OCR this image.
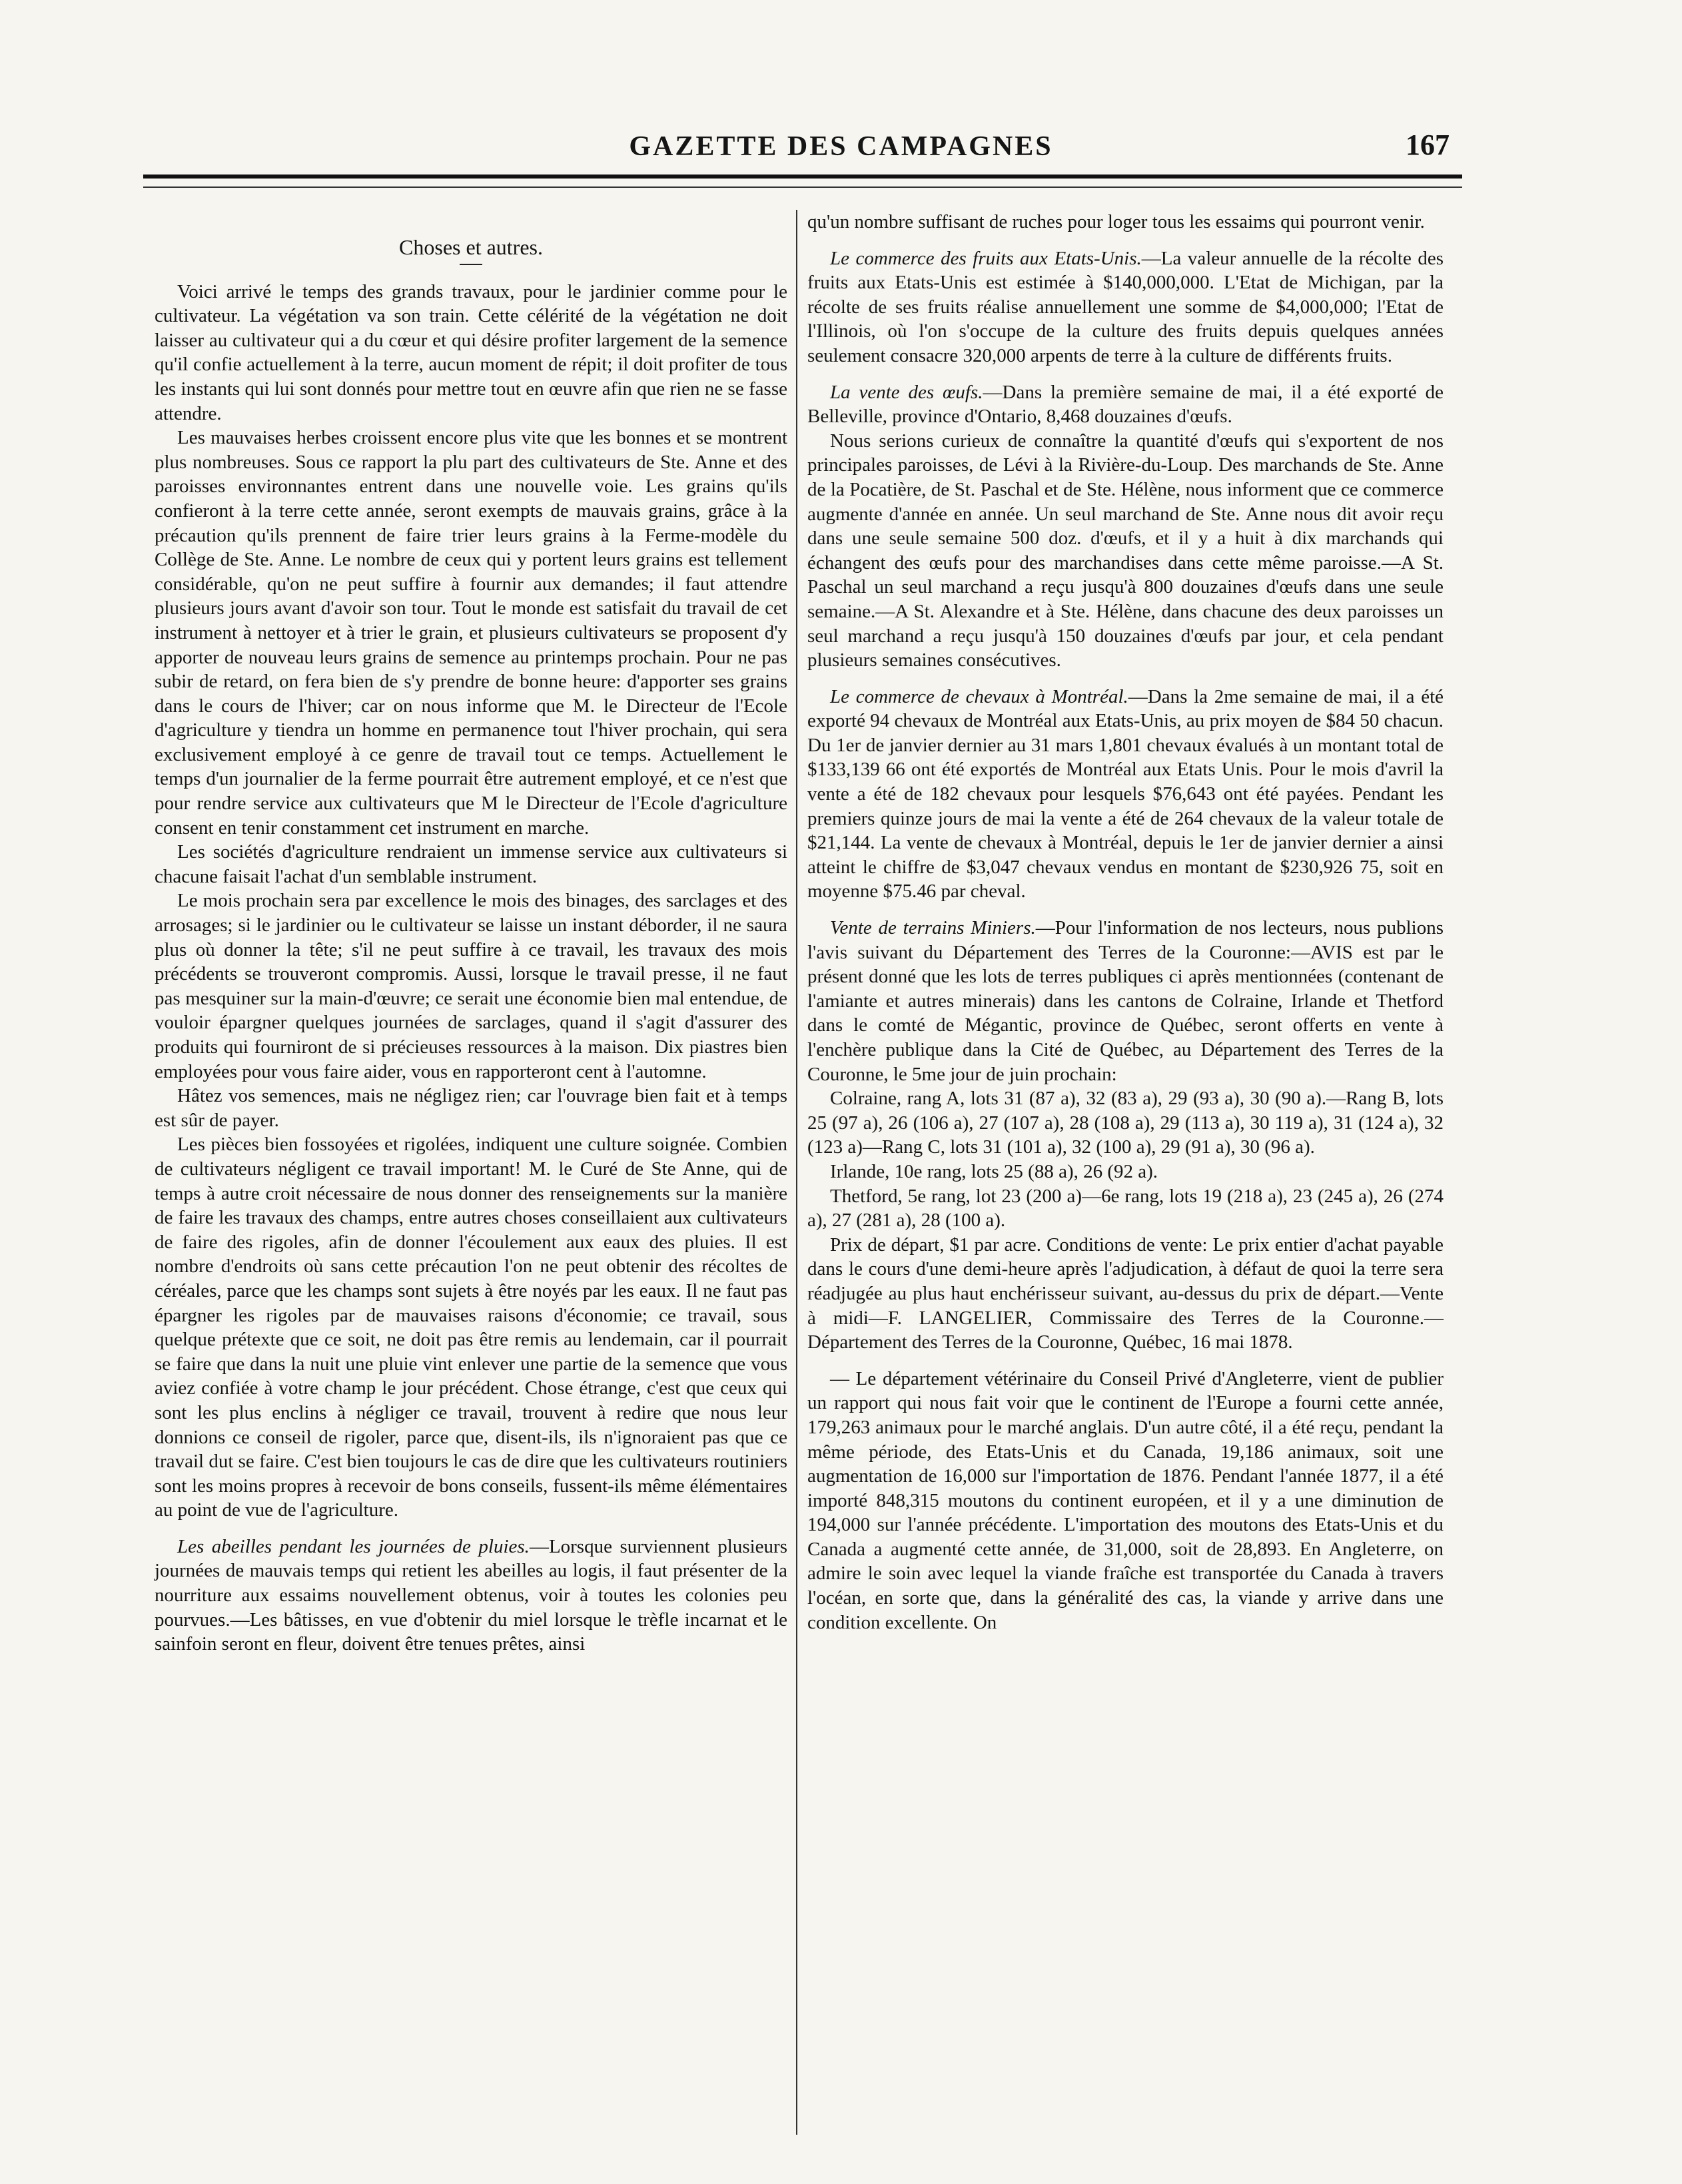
GAZETTE DES CAMPAGNES	167
Choses et autres.

Voici arrivé le temps des grands travaux, pour le jardinier comme pour le cultivateur. La végétation va son train. Cette célérité de la végétation ne doit laisser au cultivateur qui a du cœur et qui désire profiter largement de la semence qu'il confie actuellement à la terre, aucun moment de répit; il doit profiter de tous les instants qui lui sont donnés pour mettre tout en œuvre afin que rien ne se fasse attendre.

Les mauvaises herbes croissent encore plus vite que les bonnes et se montrent plus nombreuses. Sous ce rapport la plu part des cultivateurs de Ste. Anne et des paroisses environnantes entrent dans une nouvelle voie. Les grains qu'ils confieront à la terre cette année, seront exempts de mauvais grains, grâce à la précaution qu'ils prennent de faire trier leurs grains à la Ferme-modèle du Collège de Ste. Anne. Le nombre de ceux qui y portent leurs grains est tellement considérable, qu'on ne peut suffire à fournir aux demandes; il faut attendre plusieurs jours avant d'avoir son tour. Tout le monde est satisfait du travail de cet instrument à nettoyer et à trier le grain, et plusieurs cultivateurs se proposent d'y apporter de nouveau leurs grains de semence au printemps prochain. Pour ne pas subir de retard, on fera bien de s'y prendre de bonne heure: d'apporter ses grains dans le cours de l'hiver; car on nous informe que M. le Directeur de l'Ecole d'agriculture y tiendra un homme en permanence tout l'hiver prochain, qui sera exclusivement employé à ce genre de travail tout ce temps. Actuellement le temps d'un journalier de la ferme pourrait être autrement employé, et ce n'est que pour rendre service aux cultivateurs que M le Directeur de l'Ecole d'agriculture consent en tenir constamment cet instrument en marche.

Les sociétés d'agriculture rendraient un immense service aux cultivateurs si chacune faisait l'achat d'un semblable instrument.

Le mois prochain sera par excellence le mois des binages, des sarclages et des arrosages; si le jardinier ou le cultivateur se laisse un instant déborder, il ne saura plus où donner la tête; s'il ne peut suffire à ce travail, les travaux des mois précédents se trouveront compromis. Aussi, lorsque le travail presse, il ne faut pas mesquiner sur la main-d'œuvre; ce serait une économie bien mal entendue, de vouloir épargner quelques journées de sarclages, quand il s'agit d'assurer des produits qui fourniront de si précieuses ressources à la maison. Dix piastres bien employées pour vous faire aider, vous en rapporteront cent à l'automne.

Hâtez vos semences, mais ne négligez rien; car l'ouvrage bien fait et à temps est sûr de payer.

Les pièces bien fossoyées et rigolées, indiquent une culture soignée. Combien de cultivateurs négligent ce travail important! M. le Curé de Ste Anne, qui de temps à autre croit nécessaire de nous donner des renseignements sur la manière de faire les travaux des champs, entre autres choses conseillaient aux cultivateurs de faire des rigoles, afin de donner l'écoulement aux eaux des pluies. Il est nombre d'endroits où sans cette précaution l'on ne peut obtenir des récoltes de céréales, parce que les champs sont sujets à être noyés par les eaux. Il ne faut pas épargner les rigoles par de mauvaises raisons d'économie; ce travail, sous quelque prétexte que ce soit, ne doit pas être remis au lendemain, car il pourrait se faire que dans la nuit une pluie vint enlever une partie de la semence que vous aviez confiée à votre champ le jour précédent. Chose étrange, c'est que ceux qui sont les plus enclins à négliger ce travail, trouvent à redire que nous leur donnions ce conseil de rigoler, parce que, disent-ils, ils n'ignoraient pas que ce travail dut se faire. C'est bien toujours le cas de dire que les cultivateurs routiniers sont les moins propres à recevoir de bons conseils, fussent-ils même élémentaires au point de vue de l'agriculture.

Les abeilles pendant les journées de pluies.—Lorsque surviennent plusieurs journées de mauvais temps qui retient les abeilles au logis, il faut présenter de la nourriture aux essaims nouvellement obtenus, voir à toutes les colonies peu pourvues.—Les bâtisses, en vue d'obtenir du miel lorsque le trèfle incarnat et le sainfoin seront en fleur, doivent être tenues prêtes, ainsi

qu'un nombre suffisant de ruches pour loger tous les essaims qui pourront venir.

Le commerce des fruits aux Etats-Unis.—La valeur annuelle de la récolte des fruits aux Etats-Unis est estimée à $140,000,000. L'Etat de Michigan, par la récolte de ses fruits réalise annuellement une somme de $4,000,000; l'Etat de l'Illinois, où l'on s'occupe de la culture des fruits depuis quelques années seulement consacre 320,000 arpents de terre à la culture de différents fruits.

La vente des œufs.—Dans la première semaine de mai, il a été exporté de Belleville, province d'Ontario, 8,468 douzaines d'œufs.

Nous serions curieux de connaître la quantité d'œufs qui s'exportent de nos principales paroisses, de Lévi à la Rivière-du-Loup. Des marchands de Ste. Anne de la Pocatière, de St. Paschal et de Ste. Hélène, nous informent que ce commerce augmente d'année en année. Un seul marchand de Ste. Anne nous dit avoir reçu dans une seule semaine 500 doz. d'œufs, et il y a huit à dix marchands qui échangent des œufs pour des marchandises dans cette même paroisse.—A St. Paschal un seul marchand a reçu jusqu'à 800 douzaines d'œufs dans une seule semaine.—A St. Alexandre et à Ste. Hélène, dans chacune des deux paroisses un seul marchand a reçu jusqu'à 150 douzaines d'œufs par jour, et cela pendant plusieurs semaines consécutives.

Le commerce de chevaux à Montréal.—Dans la 2me semaine de mai, il a été exporté 94 chevaux de Montréal aux Etats-Unis, au prix moyen de $84 50 chacun. Du 1er de janvier dernier au 31 mars 1,801 chevaux évalués à un montant total de $133,139 66 ont été exportés de Montréal aux Etats Unis. Pour le mois d'avril la vente a été de 182 chevaux pour lesquels $76,643 ont été payées. Pendant les premiers quinze jours de mai la vente a été de 264 chevaux de la valeur totale de $21,144. La vente de chevaux à Montréal, depuis le 1er de janvier dernier a ainsi atteint le chiffre de $3,047 chevaux vendus en montant de $230,926 75, soit en moyenne $75.46 par cheval.

Vente de terrains Miniers.—Pour l'information de nos lecteurs, nous publions l'avis suivant du Département des Terres de la Couronne:—AVIS est par le présent donné que les lots de terres publiques ci après mentionnées (contenant de l'amiante et autres minerais) dans les cantons de Colraine, Irlande et Thetford dans le comté de Mégantic, province de Québec, seront offerts en vente à l'enchère publique dans la Cité de Québec, au Département des Terres de la Couronne, le 5me jour de juin prochain:

Colraine, rang A, lots 31 (87 a), 32 (83 a), 29 (93 a), 30 (90 a).—Rang B, lots 25 (97 a), 26 (106 a), 27 (107 a), 28 (108 a), 29 (113 a), 30 119 a), 31 (124 a), 32 (123 a)—Rang C, lots 31 (101 a), 32 (100 a), 29 (91 a), 30 (96 a).

Irlande, 10e rang, lots 25 (88 a), 26 (92 a).

Thetford, 5e rang, lot 23 (200 a)—6e rang, lots 19 (218 a), 23 (245 a), 26 (274 a), 27 (281 a), 28 (100 a).

Prix de départ, $1 par acre. Conditions de vente: Le prix entier d'achat payable dans le cours d'une demi-heure après l'adjudication, à défaut de quoi la terre sera réadjugée au plus haut enchérisseur suivant, au-dessus du prix de départ.—Vente à midi—F. LANGELIER, Commissaire des Terres de la Couronne.—Département des Terres de la Couronne, Québec, 16 mai 1878.

— Le département vétérinaire du Conseil Privé d'Angleterre, vient de publier un rapport qui nous fait voir que le continent de l'Europe a fourni cette année, 179,263 animaux pour le marché anglais. D'un autre côté, il a été reçu, pendant la même période, des Etats-Unis et du Canada, 19,186 animaux, soit une augmentation de 16,000 sur l'importation de 1876. Pendant l'année 1877, il a été importé 848,315 moutons du continent européen, et il y a une diminution de 194,000 sur l'année précédente. L'importation des moutons des Etats-Unis et du Canada a augmenté cette année, de 31,000, soit de 28,893. En Angleterre, on admire le soin avec lequel la viande fraîche est transportée du Canada à travers l'océan, en sorte que, dans la généralité des cas, la viande y arrive dans une condition excellente. On
